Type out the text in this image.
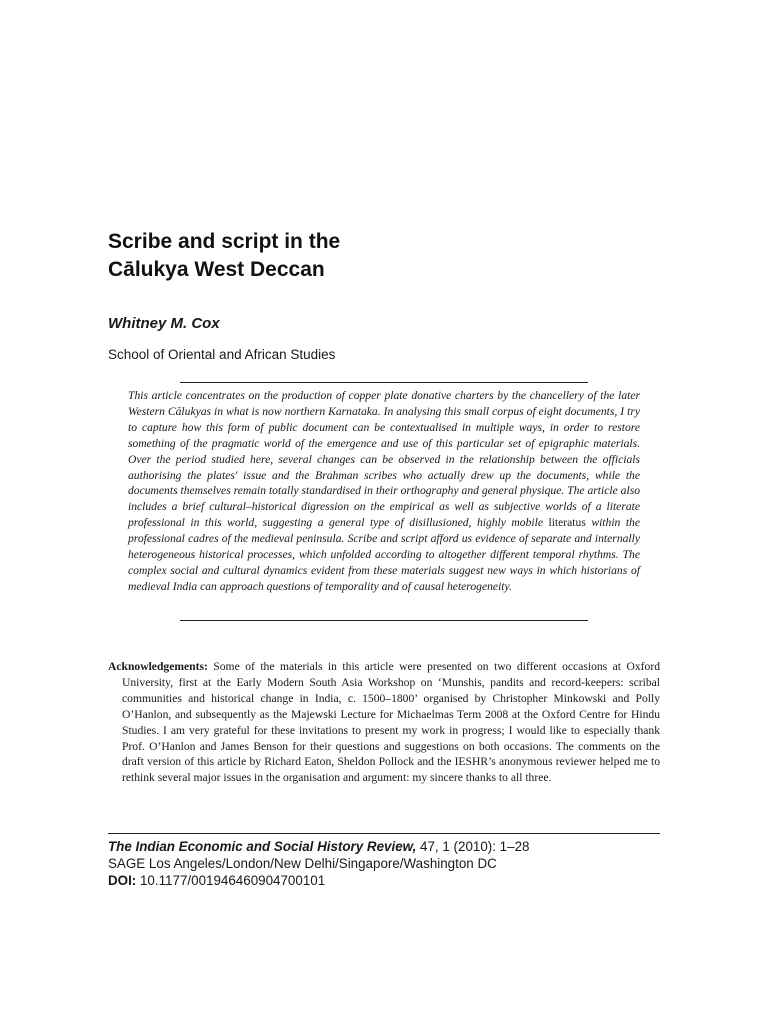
Scribe and script in the
Cālukya West Deccan

Whitney M. Cox

School of Oriental and African Studies

This article concentrates on the production of copper plate donative charters by the chancellery of the later Western Cālukyas in what is now northern Karnataka. In analysing this small corpus of eight documents, I try to capture how this form of public document can be contextualised in multiple ways, in order to restore something of the pragmatic world of the emergence and use of this particular set of epigraphic materials. Over the period studied here, several changes can be observed in the relationship between the officials authorising the plates' issue and the Brahman scribes who actually drew up the documents, while the documents themselves remain totally standardised in their orthography and general physique. The article also includes a brief cultural–historical digression on the empirical as well as subjective worlds of a literate professional in this world, suggesting a general type of disillusioned, highly mobile literatus within the professional cadres of the medieval peninsula. Scribe and script afford us evidence of separate and internally heterogeneous historical processes, which unfolded according to altogether different temporal rhythms. The complex social and cultural dynamics evident from these materials suggest new ways in which historians of medieval India can approach questions of temporality and of causal heterogeneity.

Acknowledgements: Some of the materials in this article were presented on two different occasions at Oxford University, first at the Early Modern South Asia Workshop on ‘Munshis, pandits and record-keepers: scribal communities and historical change in India, c. 1500–1800’ organised by Christopher Minkowski and Polly O’Hanlon, and subsequently as the Majewski Lecture for Michaelmas Term 2008 at the Oxford Centre for Hindu Studies. I am very grateful for these invitations to present my work in progress; I would like to especially thank Prof. O’Hanlon and James Benson for their questions and suggestions on both occasions. The comments on the draft version of this article by Richard Eaton, Sheldon Pollock and the IESHR’s anonymous reviewer helped me to rethink several major issues in the organisation and argument: my sincere thanks to all three.

The Indian Economic and Social History Review, 47, 1 (2010): 1–28
SAGE Los Angeles/London/New Delhi/Singapore/Washington DC
DOI: 10.1177/001946460904700101
